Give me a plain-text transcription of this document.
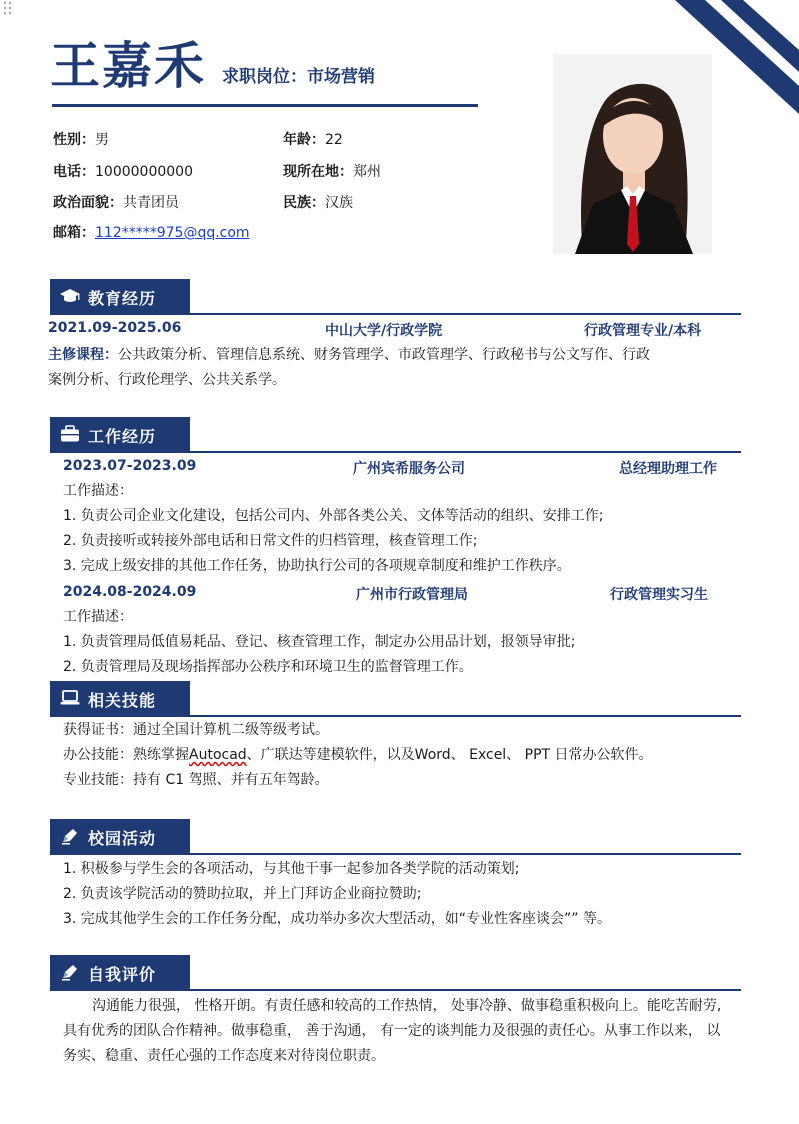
王嘉禾 求职岗位：市场营销
性别：男	年龄：22
电话：10000000000	现所在地：郑州
政治面貌：共青团员	民族：汉族
邮箱：112*****975@qq.com
教育经历
2021.09-2025.06	中山大学/行政学院	行政管理专业/本科
主修课程：公共政策分析、管理信息系统、财务管理学、市政管理学、行政秘书与公文写作、行政
案例分析、行政伦理学、公共关系学。
工作经历
2023.07-2023.09	广州宾希服务公司	总经理助理工作
工作描述：
1. 负责公司企业文化建设，包括公司内、外部各类公关、文体等活动的组织、安排工作;
2. 负责接听或转接外部电话和日常文件的归档管理，核查管理工作;
3. 完成上级安排的其他工作任务，协助执行公司的各项规章制度和维护工作秩序。
2024.08-2024.09	广州市行政管理局	行政管理实习生
工作描述：
1. 负责管理局低值易耗品、登记、核查管理工作，制定办公用品计划，报领导审批;
2. 负责管理局及现场指挥部办公秩序和环境卫生的监督管理工作。
相关技能
获得证书：通过全国计算机二级等级考试。
办公技能：熟练掌握Autocad、广联达等建模软件，以及Word、 Excel、 PPT 日常办公软件。
专业技能：持有 C1 驾照、并有五年驾龄。
校园活动
1. 积极参与学生会的各项活动，与其他干事一起参加各类学院的活动策划;
2. 负责该学院活动的赞助拉取，并上门拜访企业商拉赞助;
3. 完成其他学生会的工作任务分配，成功举办多次大型活动，如“专业性客座谈会”” 等。
自我评价
沟通能力很强， 性格开朗。有责任感和较高的工作热情， 处事冷静、做事稳重积极向上。能吃苦耐劳,
具有优秀的团队合作精神。做事稳重， 善于沟通， 有一定的谈判能力及很强的责任心。从事工作以来， 以
务实、稳重、责任心强的工作态度来对待岗位职责。
